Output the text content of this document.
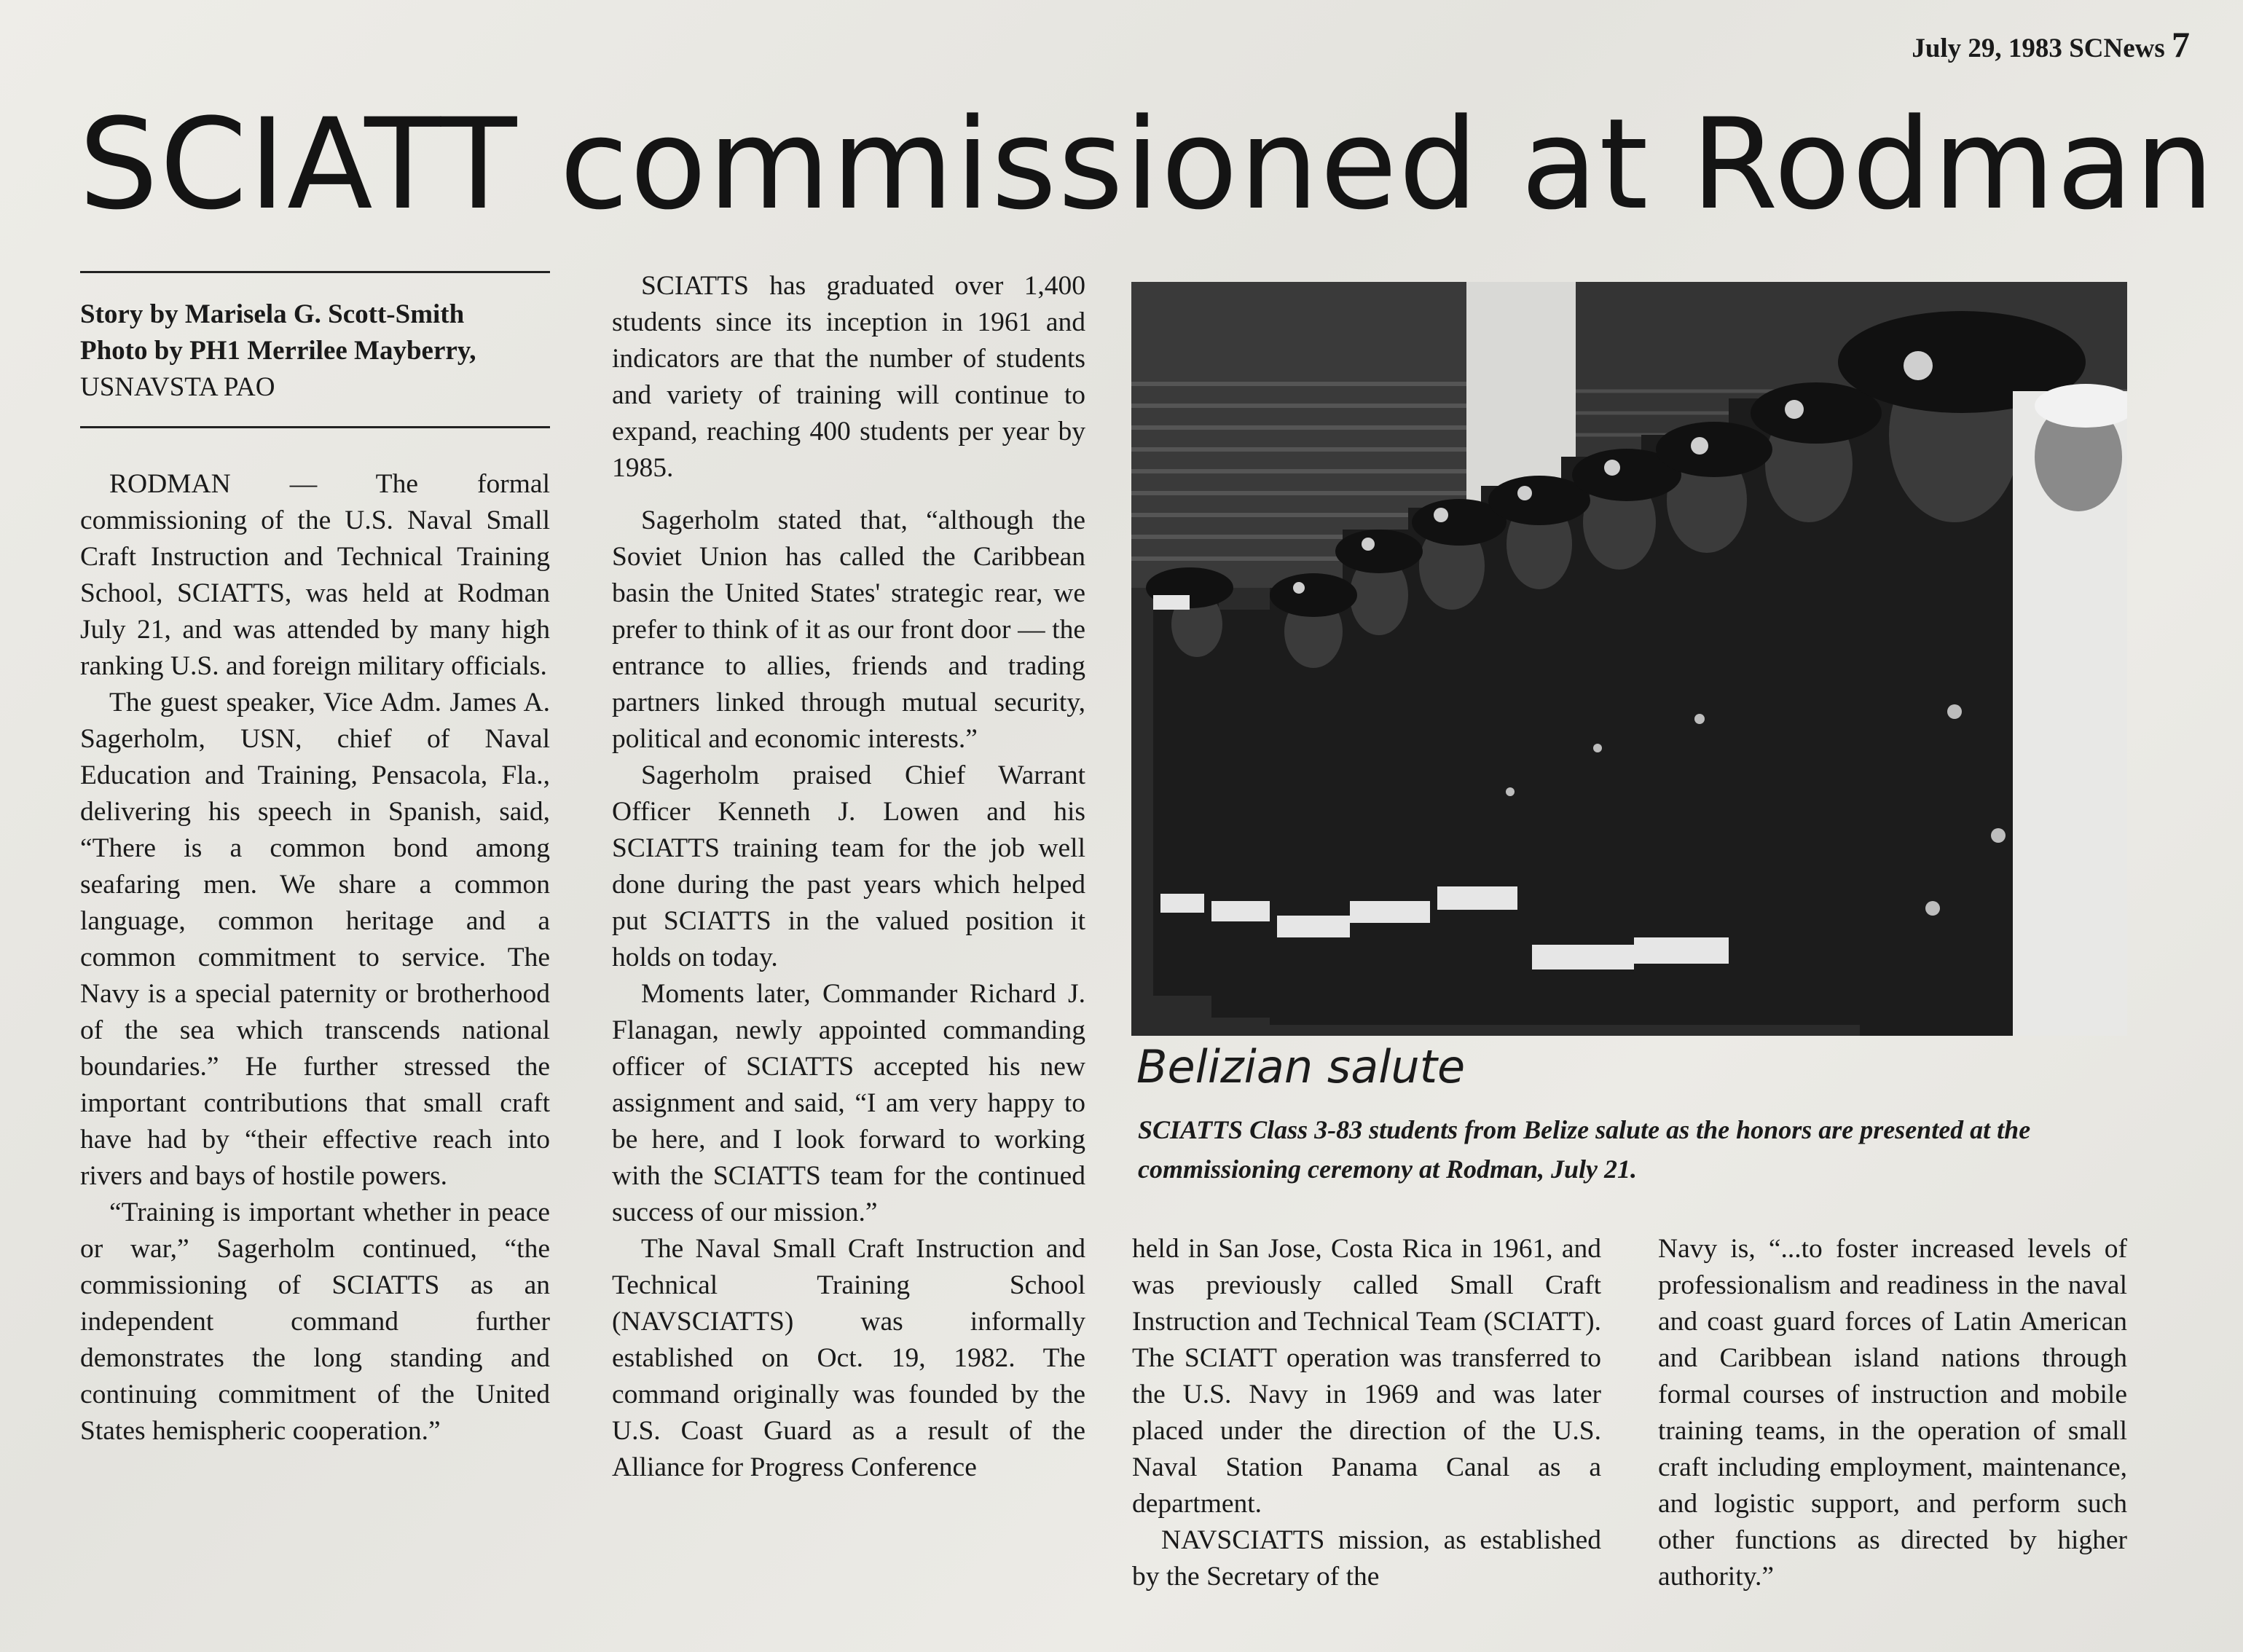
July 29, 1983 SCNews 7
SCIATT commissioned at Rodman
Story by Marisela G. Scott-Smith
Photo by PH1 Merrilee Mayberry,
USNAVSTA PAO

RODMAN — The formal commissioning of the U.S. Naval Small Craft Instruction and Technical Training School, SCIATTS, was held at Rodman July 21, and was attended by many high ranking U.S. and foreign military officials.

The guest speaker, Vice Adm. James A. Sagerholm, USN, chief of Naval Education and Training, Pensacola, Fla., delivering his speech in Spanish, said, “There is a common bond among seafaring men. We share a common language, common heritage and a common commitment to service. The Navy is a special paternity or brotherhood of the sea which transcends national boundaries.” He further stressed the important contributions that small craft have had by “their effective reach into rivers and bays of hostile powers.

“Training is important whether in peace or war,” Sagerholm continued, “the commissioning of SCIATTS as an independent command further demonstrates the long standing and continuing commitment of the United States hemispheric cooperation.”

SCIATTS has graduated over 1,400 students since its inception in 1961 and indicators are that the number of students and variety of training will continue to expand, reaching 400 students per year by 1985.

Sagerholm stated that, “although the Soviet Union has called the Caribbean basin the United States' strategic rear, we prefer to think of it as our front door — the entrance to allies, friends and trading partners linked through mutual security, political and economic interests.”

Sagerholm praised Chief Warrant Officer Kenneth J. Lowen and his SCIATTS training team for the job well done during the past years which helped put SCIATTS in the valued position it holds on today.

Moments later, Commander Richard J. Flanagan, newly appointed commanding officer of SCIATTS accepted his new assignment and said, “I am very happy to be here, and I look forward to working with the SCIATTS team for the continued success of our mission.”

The Naval Small Craft Instruction and Technical Training School (NAVSCIATTS) was informally established on Oct. 19, 1982. The command originally was founded by the U.S. Coast Guard as a result of the Alliance for Progress Conference

Belizian salute
SCIATTS Class 3-83 students from Belize salute as the honors are presented at the commissioning ceremony at Rodman, July 21.

held in San Jose, Costa Rica in 1961, and was previously called Small Craft Instruction and Technical Team (SCIATT). The SCIATT operation was transferred to the U.S. Navy in 1969 and was later placed under the direction of the U.S. Naval Station Panama Canal as a department.

NAVSCIATTS mission, as established by the Secretary of the

Navy is, “...to foster increased levels of professionalism and readiness in the naval and coast guard forces of Latin American and Caribbean island nations through formal courses of instruction and mobile training teams, in the operation of small craft including employment, maintenance, and logistic support, and perform such other functions as directed by higher authority.”
